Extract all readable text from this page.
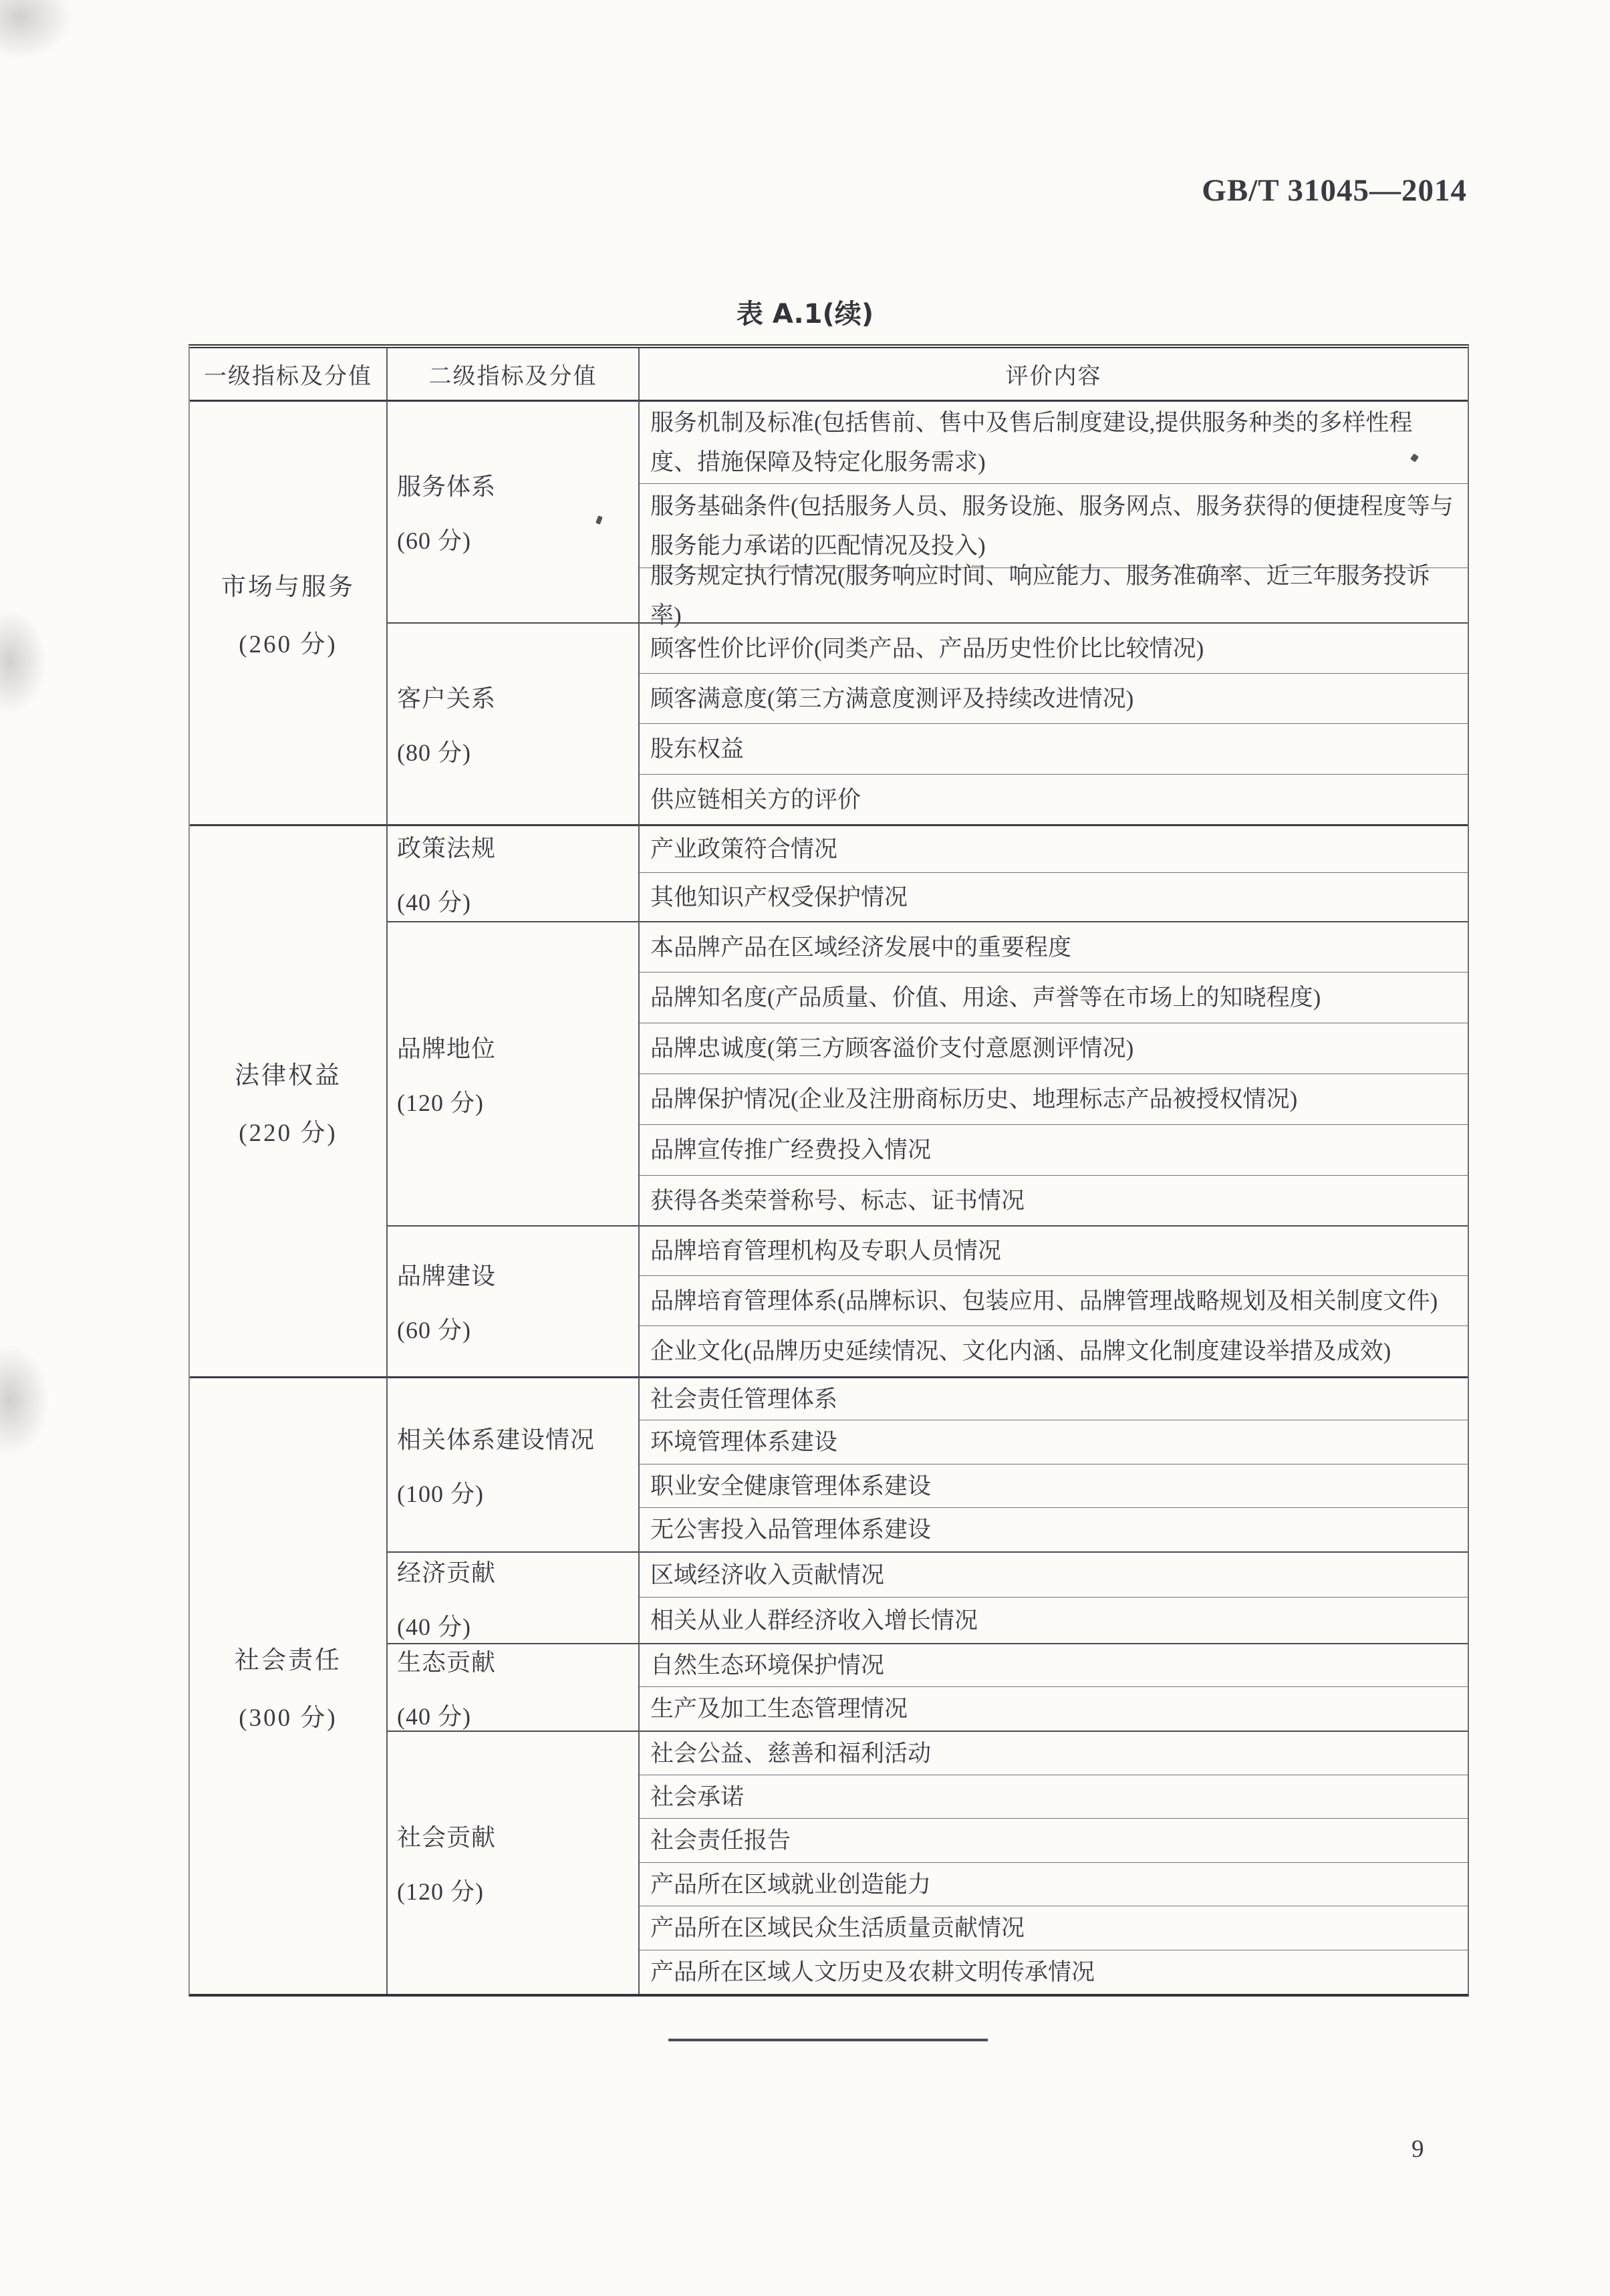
GB/T 31045—2014
表 A.1(续)
一级指标及分值	二级指标及分值	评价内容
市场与服务
(260 分)
服务体系
(60 分)
服务机制及标准(包括售前、售中及售后制度建设,提供服务种类的多样性程度、措施保障及特定化服务需求)
服务基础条件(包括服务人员、服务设施、服务网点、服务获得的便捷程度等与服务能力承诺的匹配情况及投入)
服务规定执行情况(服务响应时间、响应能力、服务准确率、近三年服务投诉率)
客户关系
(80 分)
顾客性价比评价(同类产品、产品历史性价比比较情况)
顾客满意度(第三方满意度测评及持续改进情况)
股东权益
供应链相关方的评价
法律权益
(220 分)
政策法规
(40 分)
产业政策符合情况
其他知识产权受保护情况
品牌地位
(120 分)
本品牌产品在区域经济发展中的重要程度
品牌知名度(产品质量、价值、用途、声誉等在市场上的知晓程度)
品牌忠诚度(第三方顾客溢价支付意愿测评情况)
品牌保护情况(企业及注册商标历史、地理标志产品被授权情况)
品牌宣传推广经费投入情况
获得各类荣誉称号、标志、证书情况
品牌建设
(60 分)
品牌培育管理机构及专职人员情况
品牌培育管理体系(品牌标识、包装应用、品牌管理战略规划及相关制度文件)
企业文化(品牌历史延续情况、文化内涵、品牌文化制度建设举措及成效)
社会责任
(300 分)
相关体系建设情况
(100 分)
社会责任管理体系
环境管理体系建设
职业安全健康管理体系建设
无公害投入品管理体系建设
经济贡献
(40 分)
区域经济收入贡献情况
相关从业人群经济收入增长情况
生态贡献
(40 分)
自然生态环境保护情况
生产及加工生态管理情况
社会贡献
(120 分)
社会公益、慈善和福利活动
社会承诺
社会责任报告
产品所在区域就业创造能力
产品所在区域民众生活质量贡献情况
产品所在区域人文历史及农耕文明传承情况
9
